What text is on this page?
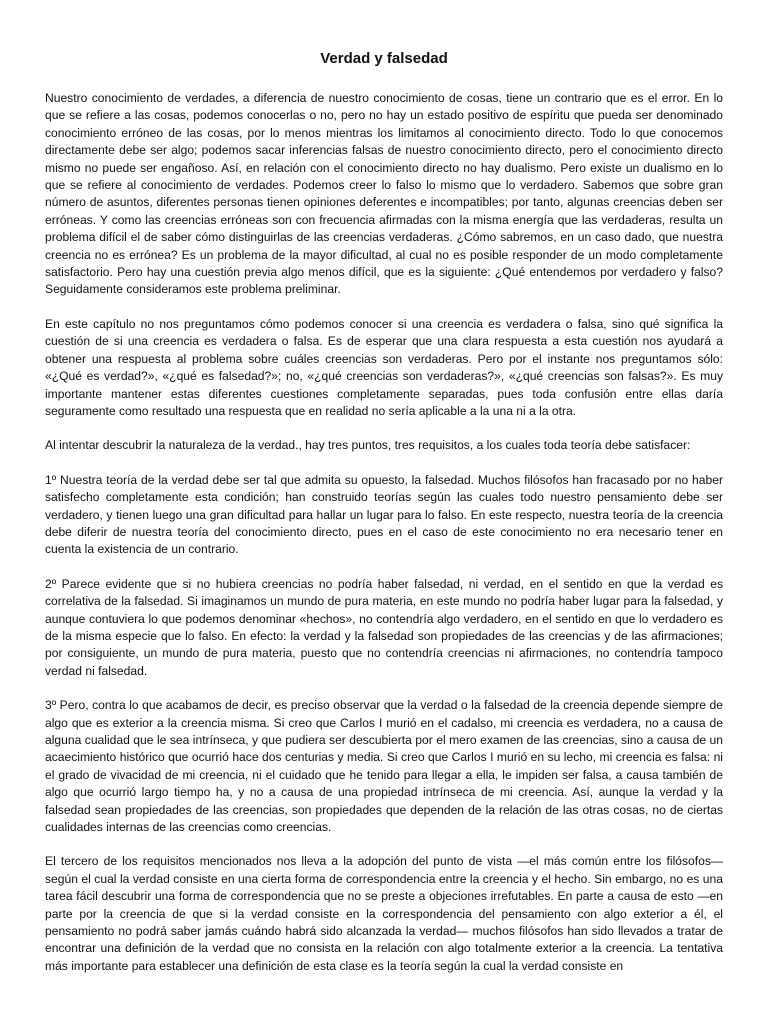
Verdad y falsedad

Nuestro conocimiento de verdades, a diferencia de nuestro conocimiento de cosas, tiene un contrario que es el error. En lo que se refiere a las cosas, podemos conocerlas o no, pero no hay un estado positivo de espíritu que pueda ser denominado conocimiento erróneo de las cosas, por lo menos mientras los limitamos al conocimiento directo. Todo lo que conocemos directamente debe ser algo; podemos sacar inferencias falsas de nuestro conocimiento directo, pero el conocimiento directo mismo no puede ser engañoso. Así, en relación con el conocimiento directo no hay dualismo. Pero existe un dualismo en lo que se refiere al conocimiento de verdades. Podemos creer lo falso lo mismo que lo verdadero. Sabemos que sobre gran número de asuntos, diferentes personas tienen opiniones deferentes e incompatibles; por tanto, algunas creencias deben ser erróneas. Y como las creencias erróneas son con frecuencia afirmadas con la misma energía que las verdaderas, resulta un problema difícil el de saber cómo distinguirlas de las creencias verdaderas. ¿Cómo sabremos, en un caso dado, que nuestra creencia no es errónea? Es un problema de la mayor dificultad, al cual no es posible responder de un modo completamente satisfactorio. Pero hay una cuestión previa algo menos difícil, que es la siguiente: ¿Qué entendemos por verdadero y falso? Seguidamente consideramos este problema preliminar.

En este capítulo no nos preguntamos cómo podemos conocer si una creencia es verdadera o falsa, sino qué significa la cuestión de si una creencia es verdadera o falsa. Es de esperar que una clara respuesta a esta cuestión nos ayudará a obtener una respuesta al problema sobre cuáles creencias son verdaderas. Pero por el instante nos preguntamos sólo: «¿Qué es verdad?», «¿qué es falsedad?»; no, «¿qué creencias son verdaderas?», «¿qué creencias son falsas?». Es muy importante mantener estas diferentes cuestiones completamente separadas, pues toda confusión entre ellas daría seguramente como resultado una respuesta que en realidad no sería aplicable a la una ni a la otra.

Al intentar descubrir la naturaleza de la verdad., hay tres puntos, tres requisitos, a los cuales toda teoría debe satisfacer:

1º Nuestra teoría de la verdad debe ser tal que admita su opuesto, la falsedad. Muchos filósofos han fracasado por no haber satisfecho completamente esta condición; han construido teorías según las cuales todo nuestro pensamiento debe ser verdadero, y tienen luego una gran dificultad para hallar un lugar para lo falso. En este respecto, nuestra teoría de la creencia debe diferir de nuestra teoría del conocimiento directo, pues en el caso de este conocimiento no era necesario tener en cuenta la existencia de un contrario.

2º Parece evidente que si no hubiera creencias no podría haber falsedad, ni verdad, en el sentido en que la verdad es correlativa de la falsedad. Si imaginamos un mundo de pura materia, en este mundo no podría haber lugar para la falsedad, y aunque contuviera lo que podemos denominar «hechos», no contendría algo verdadero, en el sentido en que lo verdadero es de la misma especie que lo falso. En efecto: la verdad y la falsedad son propiedades de las creencias y de las afirmaciones; por consiguiente, un mundo de pura materia, puesto que no contendría creencias ni afirmaciones, no contendría tampoco verdad ni falsedad.

3º Pero, contra lo que acabamos de decir, es preciso observar que la verdad o la falsedad de la creencia depende siempre de algo que es exterior a la creencia misma. Si creo que Carlos I murió en el cadalso, mi creencia es verdadera, no a causa de alguna cualidad que le sea intrínseca, y que pudiera ser descubierta por el mero examen de las creencias, sino a causa de un acaecimiento histórico que ocurrió hace dos centurias y media. Si creo que Carlos I murió en su lecho, mi creencia es falsa: ni el grado de vivacidad de mi creencia, ni el cuidado que he tenido para llegar a ella, le impiden ser falsa, a causa también de algo que ocurrió largo tiempo ha, y no a causa de una propiedad intrínseca de mi creencia. Así, aunque la verdad y la falsedad sean propiedades de las creencias, son propiedades que dependen de la relación de las otras cosas, no de ciertas cualidades internas de las creencias como creencias.

El tercero de los requisitos mencionados nos lleva a la adopción del punto de vista —el más común entre los filósofos— según el cual la verdad consiste en una cierta forma de correspondencia entre la creencia y el hecho. Sin embargo, no es una tarea fácil descubrir una forma de correspondencia que no se preste a objeciones irrefutables. En parte a causa de esto —en parte por la creencia de que si la verdad consiste en la correspondencia del pensamiento con algo exterior a él, el pensamiento no podrá saber jamás cuándo habrá sido alcanzada la verdad— muchos filósofos han sido llevados a tratar de encontrar una definición de la verdad que no consista en la relación con algo totalmente exterior a la creencia. La tentativa más importante para establecer una definición de esta clase es la teoría según la cual la verdad consiste en
